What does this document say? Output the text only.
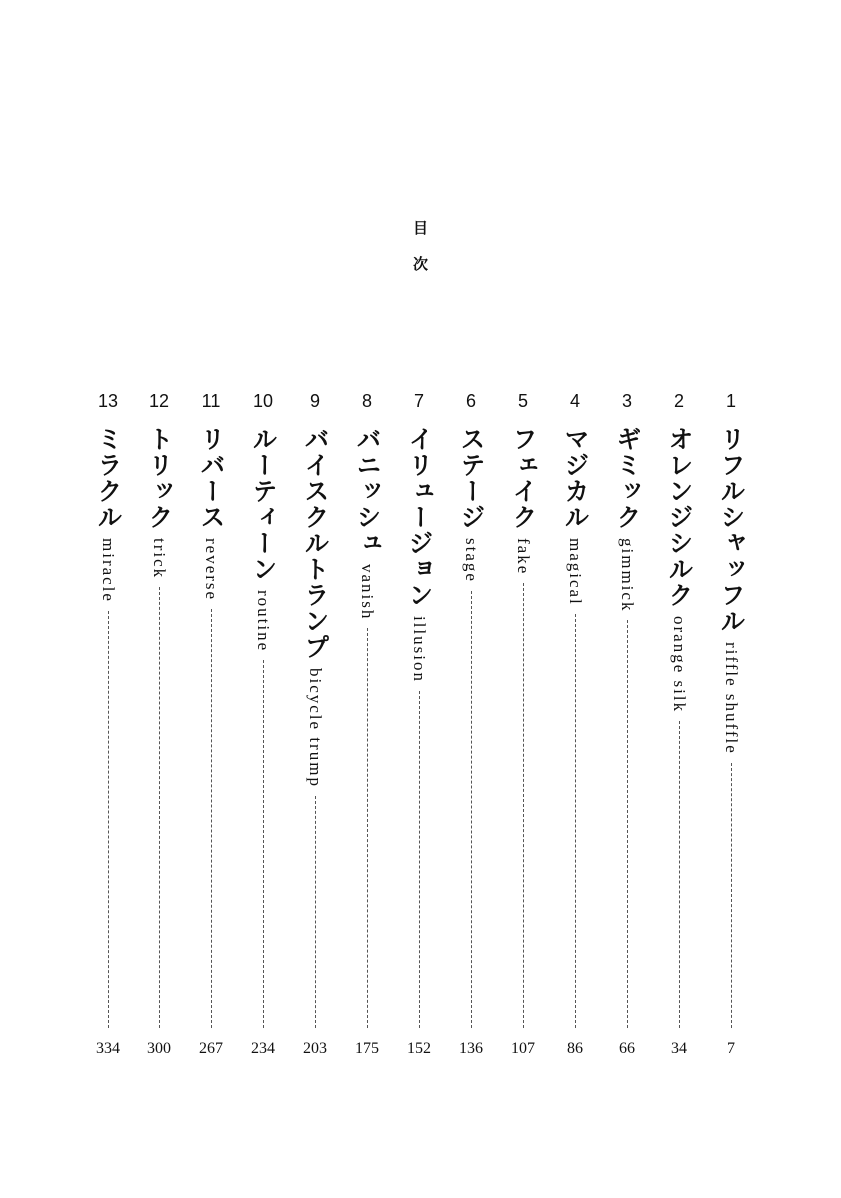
目次
1
リフルシャッフル
riffle shuffle
7
2
オレンジシルク
orange silk
34
3
ギミック
gimmick
66
4
マジカル
magical
86
5
フェイク
fake
107
6
ステージ
stage
136
7
イリュージョン
illusion
152
8
バニッシュ
vanish
175
9
バイスクルトランプ
bicycle trump
203
10
ルーティーン
routine
234
11
リバース
reverse
267
12
トリック
trick
300
13
ミラクル
miracle
334
